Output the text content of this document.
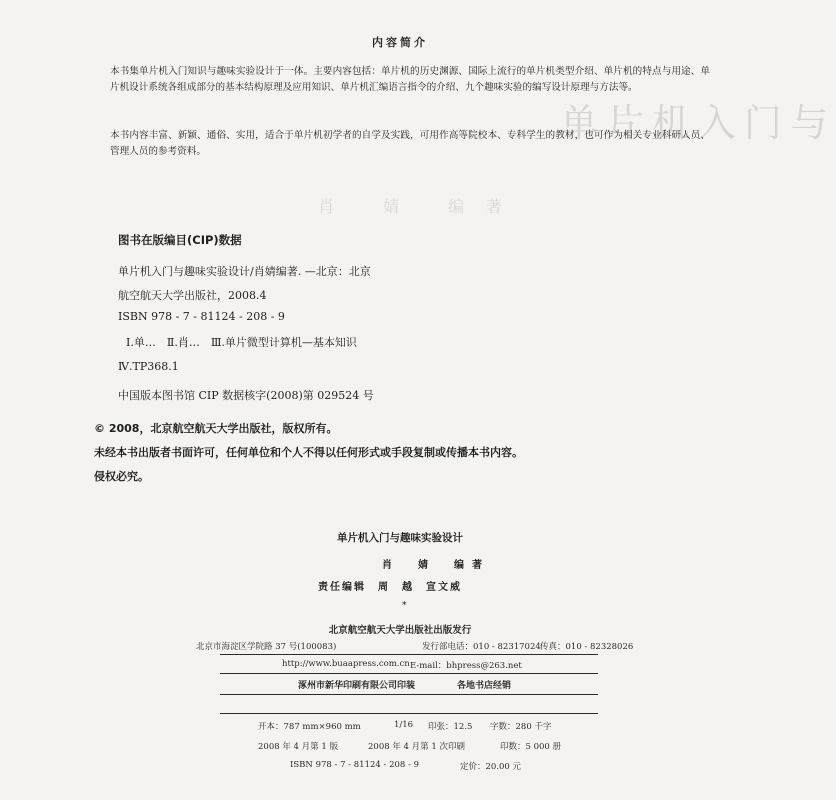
单片机入门与
肖 婧 编著
内容简介

本书集单片机入门知识与趣味实验设计于一体。主要内容包括：单片机的历史渊源、国际上流行的单片机类型介绍、单片机的特点与用途、单片机设计系统各组成部分的基本结构原理及应用知识、单片机汇编语言指令的介绍、九个趣味实验的编写设计原理与方法等。

本书内容丰富、新颖、通俗、实用，适合于单片机初学者的自学及实践，可用作高等院校本、专科学生的教材，也可作为相关专业科研人员、管理人员的参考资料。

图书在版编目(CIP)数据
单片机入门与趣味实验设计/肖婧编著. —北京：北京
航空航天大学出版社，2008.4
ISBN 978 - 7 - 81124 - 208 - 9
Ⅰ.单…　Ⅱ.肖…　Ⅲ.单片微型计算机—基本知识
Ⅳ.TP368.1
中国版本图书馆 CIP 数据核字(2008)第 029524 号
© 2008，北京航空航天大学出版社，版权所有。
未经本书出版者书面许可，任何单位和个人不得以任何形式或手段复制或传播本书内容。
侵权必究。
单片机入门与趣味实验设计
肖　婧　编著
责任编辑　周　越　宣文威
*
北京航空航天大学出版社出版发行
北京市海淀区学院路 37 号(100083)	发行部电话：010 - 82317024 传真：010 - 82328026
http://www.buaapress.com.cn E-mail：bhpress@263.net
涿州市新华印刷有限公司印装	各地书店经销
开本：787 mm×960 mm	1/16 印张：12.5 字数：280 千字
2008 年 4 月第 1 版	2008 年 4 月第 1 次印刷	印数：5 000 册
ISBN 978 - 7 - 81124 - 208 - 9	定价：20.00 元
